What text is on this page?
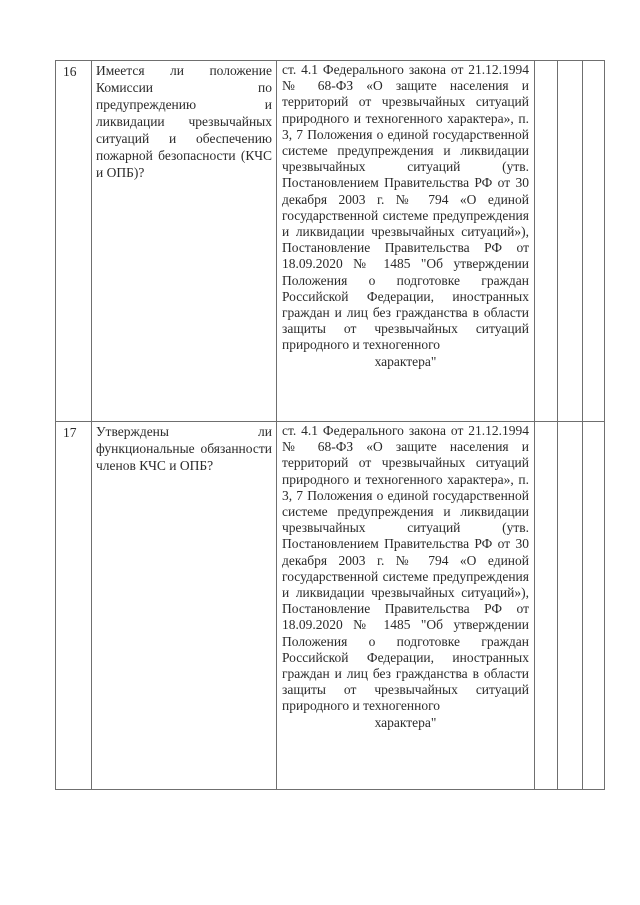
16	Имеется ли положение Комиссии по предупреждению и ликвидации чрезвычайных ситуаций и обеспечению пожарной безопасности (КЧС и ОПБ)?	ст. 4.1 Федерального закона от 21.12.1994 № 68-ФЗ «О защите населения и территорий от чрезвычайных ситуаций природного и техногенного характера», п. 3, 7 Положения о единой государственной системе предупреждения и ликвидации чрезвычайных ситуаций (утв. Постановлением Правительства РФ от 30 декабря 2003 г. № 794 «О единой государственной системе предупреждения и ликвидации чрезвычайных ситуаций»), Постановление Правительства РФ от 18.09.2020 № 1485 "Об утверждении Положения о подготовке граждан Российской Федерации, иностранных граждан и лиц без гражданства в области защиты от чрезвычайных ситуаций природного и техногенного
характера"			

17	Утверждены ли функциональные обязанности членов КЧС и ОПБ?	ст. 4.1 Федерального закона от 21.12.1994 № 68-ФЗ «О защите населения и территорий от чрезвычайных ситуаций природного и техногенного характера», п. 3, 7 Положения о единой государственной системе предупреждения и ликвидации чрезвычайных ситуаций (утв. Постановлением Правительства РФ от 30 декабря 2003 г. № 794 «О единой государственной системе предупреждения и ликвидации чрезвычайных ситуаций»), Постановление Правительства РФ от 18.09.2020 № 1485 "Об утверждении Положения о подготовке граждан Российской Федерации, иностранных граждан и лиц без гражданства в области защиты от чрезвычайных ситуаций природного и техногенного
характера"			
